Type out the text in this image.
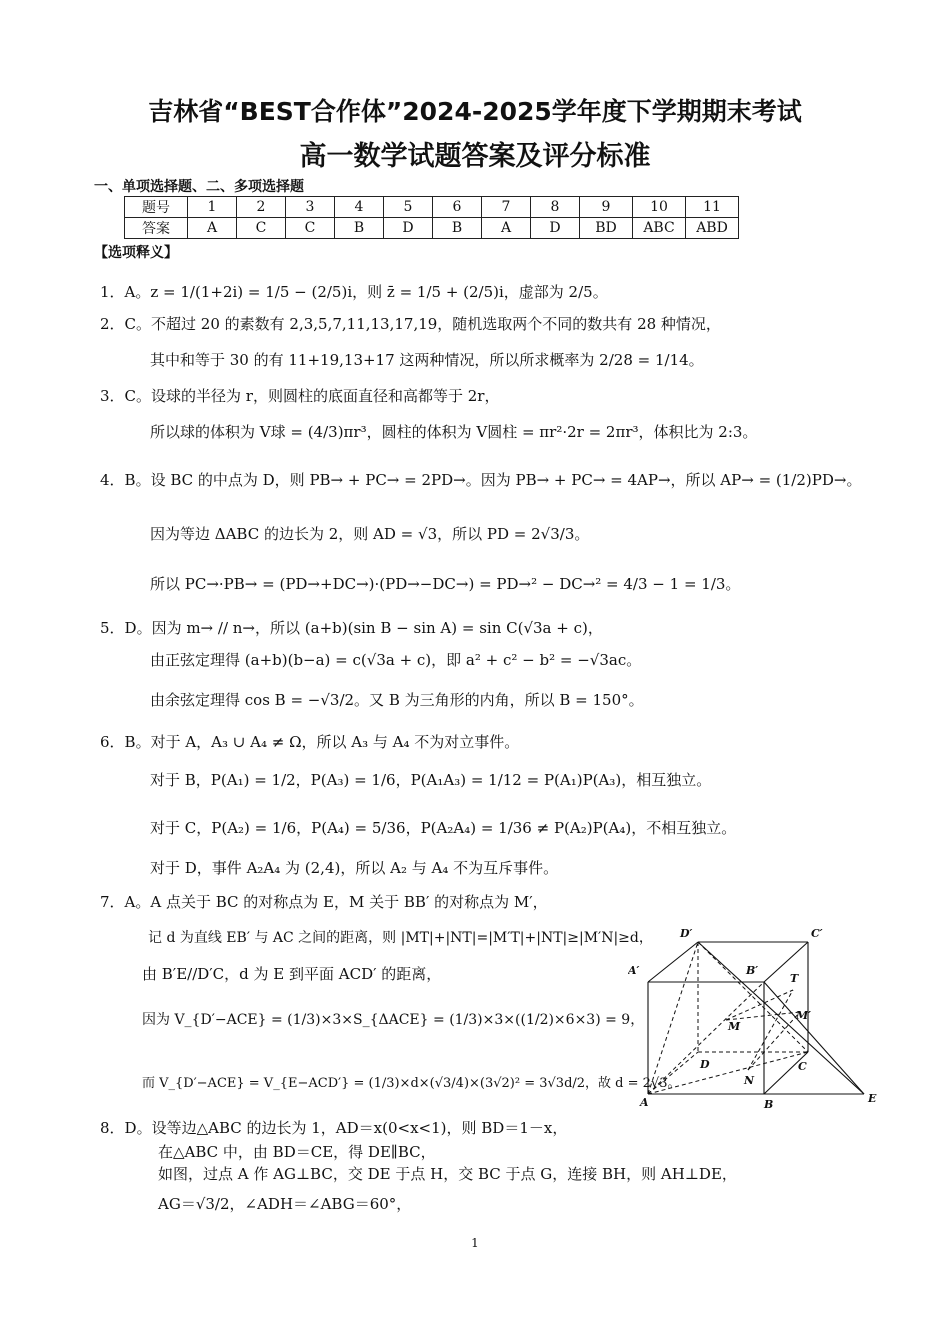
吉林省“BEST合作体”2024-2025学年度下学期期末考试
高一数学试题答案及评分标准
一、单项选择题、二、多项选择题
题号	1	2	3	4	5	6	7	8	9	10	11
答案	A	C	C	B	D	B	A	D	BD	ABC	ABD
【选项释义】
1．A。z = 1/(1+2i) = 1/5 − (2/5)i，则 z̄ = 1/5 + (2/5)i，虚部为 2/5。
2．C。不超过 20 的素数有 2,3,5,7,11,13,17,19，随机选取两个不同的数共有 28 种情况，
其中和等于 30 的有 11+19,13+17 这两种情况，所以所求概率为 2/28 = 1/14。
3．C。设球的半径为 r，则圆柱的底面直径和高都等于 2r，
所以球的体积为 V球 = (4/3)πr³，圆柱的体积为 V圆柱 = πr²·2r = 2πr³，体积比为 2:3。
4．B。设 BC 的中点为 D，则 PB→ + PC→ = 2PD→。因为 PB→ + PC→ = 4AP→，所以 AP→ = (1/2)PD→。
因为等边 ΔABC 的边长为 2，则 AD = √3，所以 PD = 2√3/3。
所以 PC→·PB→ = (PD→+DC→)·(PD→−DC→) = PD→² − DC→² = 4/3 − 1 = 1/3。
5．D。因为 m→ // n→，所以 (a+b)(sin B − sin A) = sin C(√3a + c)，
由正弦定理得 (a+b)(b−a) = c(√3a + c)，即 a² + c² − b² = −√3ac。
由余弦定理得 cos B = −√3/2。又 B 为三角形的内角，所以 B = 150°。
6．B。对于 A，A₃ ∪ A₄ ≠ Ω，所以 A₃ 与 A₄ 不为对立事件。
对于 B，P(A₁) = 1/2，P(A₃) = 1/6，P(A₁A₃) = 1/12 = P(A₁)P(A₃)，相互独立。
对于 C，P(A₂) = 1/6，P(A₄) = 5/36，P(A₂A₄) = 1/36 ≠ P(A₂)P(A₄)，不相互独立。
对于 D，事件 A₂A₄ 为 (2,4)，所以 A₂ 与 A₄ 不为互斥事件。
7．A。A 点关于 BC 的对称点为 E，M 关于 BB′ 的对称点为 M′，
记 d 为直线 EB′ 与 AC 之间的距离，则 |MT|+|NT|=|M′T|+|NT|≥|M′N|≥d，
由 B′E//D′C，d 为 E 到平面 ACD′ 的距离，
因为 V_{D′−ACE} = (1/3)×3×S_{ΔACE} = (1/3)×3×((1/2)×6×3) = 9，
而 V_{D′−ACE} = V_{E−ACD′} = (1/3)×d×(√3/4)×(3√2)² = 3√3d/2，故 d = 2√3。
D′	C′
A′	B′
T
M′
M
D
N
C
A	B	E
8．D。设等边△ABC 的边长为 1，AD＝x(0<x<1)，则 BD＝1－x，
在△ABC 中，由 BD＝CE，得 DE∥BC，
如图，过点 A 作 AG⊥BC，交 DE 于点 H，交 BC 于点 G，连接 BH，则 AH⊥DE，
AG＝√3/2，∠ADH＝∠ABG＝60°，
1
